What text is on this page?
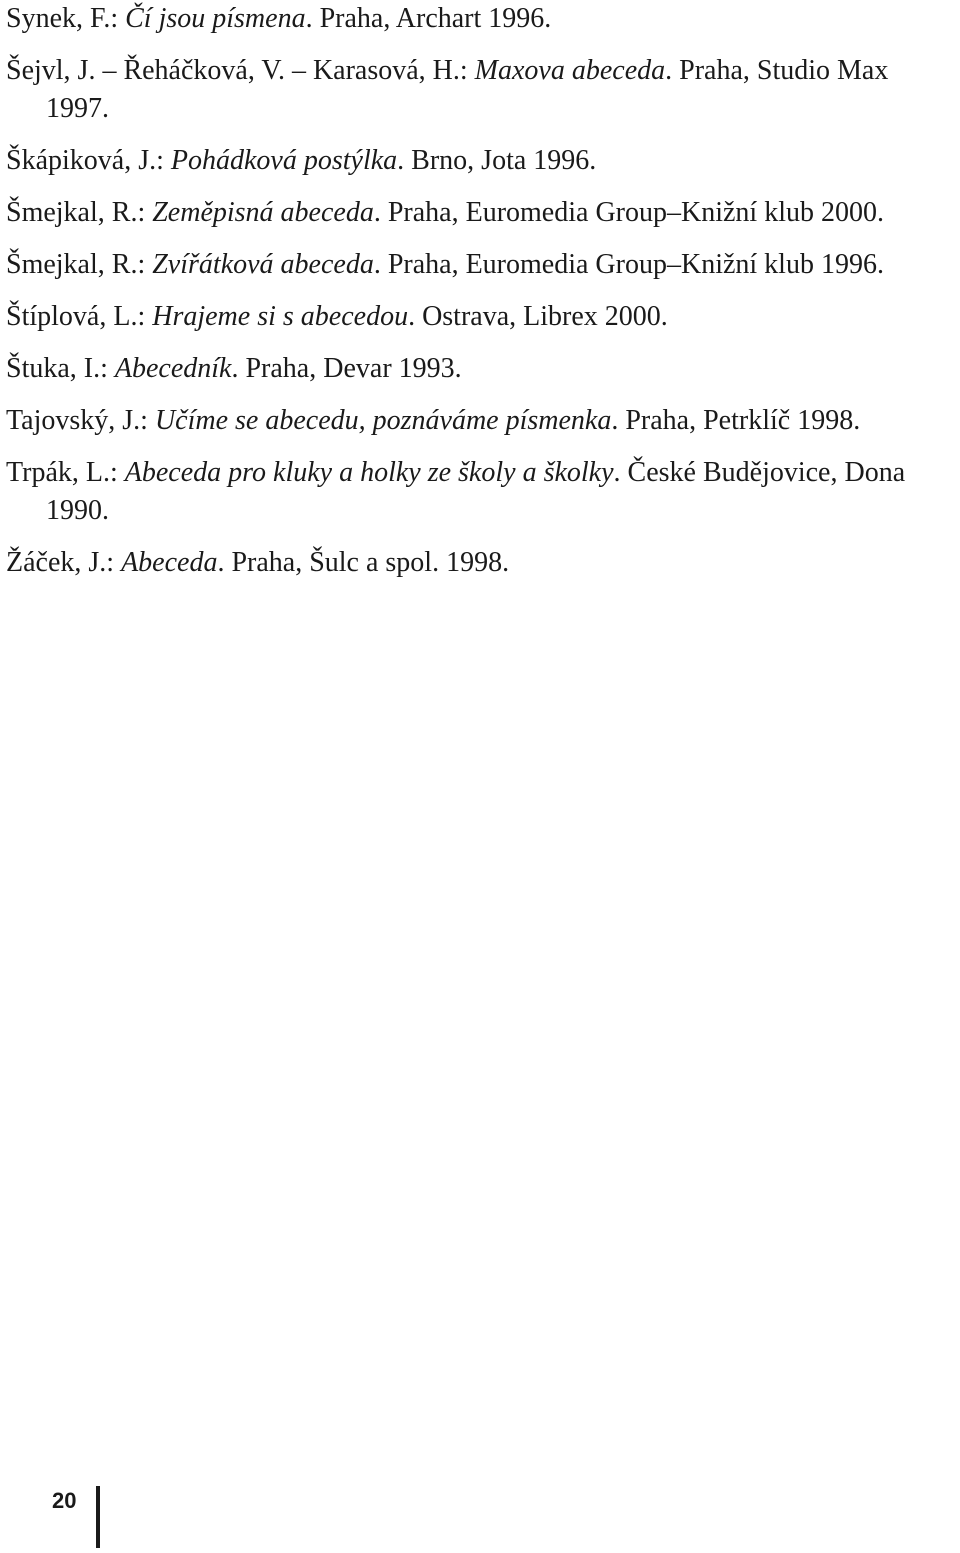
Synek, F.: Čí jsou písmena. Praha, Archart 1996.

Šejvl, J. – Řeháčková, V. – Karasová, H.: Maxova abeceda. Praha, Studio Max 1997.

Škápiková, J.: Pohádková postýlka. Brno, Jota 1996.

Šmejkal, R.: Zeměpisná abeceda. Praha, Euromedia Group–Knižní klub 2000.

Šmejkal, R.: Zvířátková abeceda. Praha, Euromedia Group–Knižní klub 1996.

Štíplová, L.: Hrajeme si s abecedou. Ostrava, Librex 2000.

Štuka, I.: Abecedník. Praha, Devar 1993.

Tajovský, J.: Učíme se abecedu, poznáváme písmenka. Praha, Petrklíč 1998.

Trpák, L.: Abeceda pro kluky a holky ze školy a školky. České Budějovice, Dona 1990.

Žáček, J.: Abeceda. Praha, Šulc a spol. 1998.

20
